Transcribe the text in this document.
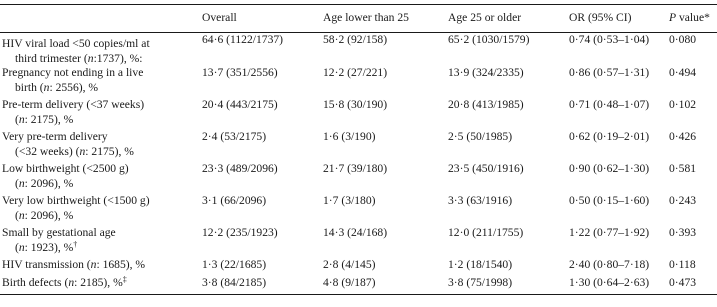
	Overall	Age lower than 25	Age 25 or older	OR (95% CI)	P value*
HIV viral load <50 copies/ml at
third trimester (n:1737), %:	64·6 (1122/1737)	58·2 (92/158)	65·2 (1030/1579)	0·74 (0·53–1·04)	0·080
Pregnancy not ending in a live
birth (n: 2556), %	13·7 (351/2556)	12·2 (27/221)	13·9 (324/2335)	0·86 (0·57–1·31)	0·494
Pre-term delivery (<37 weeks)
(n: 2175), %	20·4 (443/2175)	15·8 (30/190)	20·8 (413/1985)	0·71 (0·48–1·07)	0·102
Very pre-term delivery
(<32 weeks) (n: 2175), %	2·4 (53/2175)	1·6 (3/190)	2·5 (50/1985)	0·62 (0·19–2·01)	0·426
Low birthweight (<2500 g)
(n: 2096), %	23·3 (489/2096)	21·7 (39/180)	23·5 (450/1916)	0·90 (0·62–1·30)	0·581
Very low birthweight (<1500 g)
(n: 2096), %	3·1 (66/2096)	1·7 (3/180)	3·3 (63/1916)	0·50 (0·15–1·60)	0·243
Small by gestational age
(n: 1923), %†	12·2 (235/1923)	14·3 (24/168)	12·0 (211/1755)	1·22 (0·77–1·92)	0·393
HIV transmission (n: 1685), %	1·3 (22/1685)	2·8 (4/145)	1·2 (18/1540)	2·40 (0·80–7·18)	0·118
Birth defects (n: 2185), %‡	3·8 (84/2185)	4·8 (9/187)	3·8 (75/1998)	1·30 (0·64–2·63)	0·473
